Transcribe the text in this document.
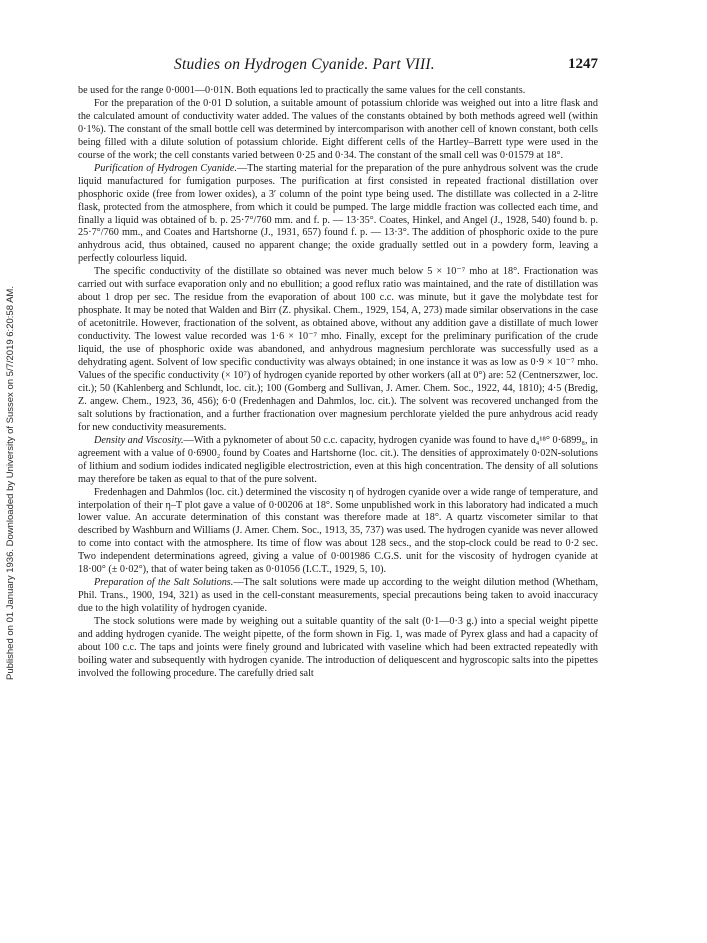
Published on 01 January 1936. Downloaded by University of Sussex on 5/7/2019 6:20:58 AM.
Studies on Hydrogen Cyanide. Part VIII.	1247

be used for the range 0·0001—0·01N. Both equations led to practically the same values for the cell constants.

For the preparation of the 0·01 D solution, a suitable amount of potassium chloride was weighed out into a litre flask and the calculated amount of conductivity water added. The values of the constants obtained by both methods agreed well (within 0·1%). The constant of the small bottle cell was determined by intercomparison with another cell of known constant, both cells being filled with a dilute solution of potassium chloride. Eight different cells of the Hartley–Barrett type were used in the course of the work; the cell constants varied between 0·25 and 0·34. The constant of the small cell was 0·01579 at 18°.

Purification of Hydrogen Cyanide.—The starting material for the preparation of the pure anhydrous solvent was the crude liquid manufactured for fumigation purposes. The purification at first consisted in repeated fractional distillation over phosphoric oxide (free from lower oxides), a 3′ column of the point type being used. The distillate was collected in a 2-litre flask, protected from the atmosphere, from which it could be pumped. The large middle fraction was collected each time, and finally a liquid was obtained of b. p. 25·7°/760 mm. and f. p. — 13·35°. Coates, Hinkel, and Angel (J., 1928, 540) found b. p. 25·7°/760 mm., and Coates and Hartshorne (J., 1931, 657) found f. p. — 13·3°. The addition of phosphoric oxide to the pure anhydrous acid, thus obtained, caused no apparent change; the oxide gradually settled out in a powdery form, leaving a perfectly colourless liquid.

The specific conductivity of the distillate so obtained was never much below 5 × 10⁻⁷ mho at 18°. Fractionation was carried out with surface evaporation only and no ebullition; a good reflux ratio was maintained, and the rate of distillation was about 1 drop per sec. The residue from the evaporation of about 100 c.c. was minute, but it gave the molybdate test for phosphate. It may be noted that Walden and Birr (Z. physikal. Chem., 1929, 154, A, 273) made similar observations in the case of acetonitrile. However, fractionation of the solvent, as obtained above, without any addition gave a distillate of much lower conductivity. The lowest value recorded was 1·6 × 10⁻⁷ mho. Finally, except for the preliminary purification of the crude liquid, the use of phosphoric oxide was abandoned, and anhydrous magnesium perchlorate was successfully used as a dehydrating agent. Solvent of low specific conductivity was always obtained; in one instance it was as low as 0·9 × 10⁻⁷ mho. Values of the specific conductivity (× 10⁷) of hydrogen cyanide reported by other workers (all at 0°) are: 52 (Centnerszwer, loc. cit.); 50 (Kahlenberg and Schlundt, loc. cit.); 100 (Gomberg and Sullivan, J. Amer. Chem. Soc., 1922, 44, 1810); 4·5 (Bredig, Z. angew. Chem., 1923, 36, 456); 6·0 (Fredenhagen and Dahmlos, loc. cit.). The solvent was recovered unchanged from the salt solutions by fractionation, and a further fractionation over magnesium perchlorate yielded the pure anhydrous acid ready for new conductivity measurements.

Density and Viscosity.—With a pyknometer of about 50 c.c. capacity, hydrogen cyanide was found to have d₄¹⁸° 0·6899₈, in agreement with a value of 0·6900₂ found by Coates and Hartshorne (loc. cit.). The densities of approximately 0·02N-solutions of lithium and sodium iodides indicated negligible electrostriction, even at this high concentration. The density of all solutions may therefore be taken as equal to that of the pure solvent.

Fredenhagen and Dahmlos (loc. cit.) determined the viscosity η of hydrogen cyanide over a wide range of temperature, and interpolation of their η–T plot gave a value of 0·00206 at 18°. Some unpublished work in this laboratory had indicated a much lower value. An accurate determination of this constant was therefore made at 18°. A quartz viscometer similar to that described by Washburn and Williams (J. Amer. Chem. Soc., 1913, 35, 737) was used. The hydrogen cyanide was never allowed to come into contact with the atmosphere. Its time of flow was about 128 secs., and the stop-clock could be read to 0·2 sec. Two independent determinations agreed, giving a value of 0·001986 C.G.S. unit for the viscosity of hydrogen cyanide at 18·00° (± 0·02°), that of water being taken as 0·01056 (I.C.T., 1929, 5, 10).

Preparation of the Salt Solutions.—The salt solutions were made up according to the weight dilution method (Whetham, Phil. Trans., 1900, 194, 321) as used in the cell-constant measurements, special precautions being taken to avoid inaccuracy due to the high volatility of hydrogen cyanide.

The stock solutions were made by weighing out a suitable quantity of the salt (0·1—0·3 g.) into a special weight pipette and adding hydrogen cyanide. The weight pipette, of the form shown in Fig. 1, was made of Pyrex glass and had a capacity of about 100 c.c. The taps and joints were finely ground and lubricated with vaseline which had been extracted repeatedly with boiling water and subsequently with hydrogen cyanide. The introduction of deliquescent and hygroscopic salts into the pipettes involved the following procedure. The carefully dried salt
